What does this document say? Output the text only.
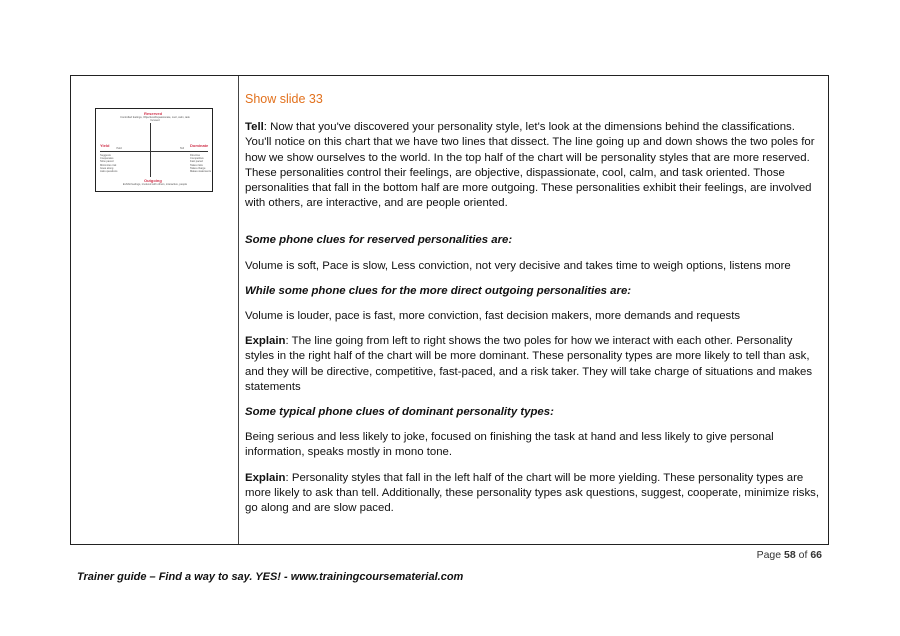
Reserved
Controlled feelings, Objective/dispassionate, cool, calm, task focused
Yield
Yield
Suggests
Cooperates
Slow paced
Minimizes risk
Goes along
Asks questions
Dominate
Tell
Directive
Competitive
Fast paced
Takes risks
Takes charge
Makes statements
Outgoing
Exhibit feelings, involved with others, interactive, people
Show slide 33

Tell: Now that you've discovered your personality style, let's look at the dimensions behind the classifications. You'll notice on this chart that we have two lines that dissect. The line going up and down shows the two poles for how we show ourselves to the world. In the top half of the chart will be personality styles that are more reserved. These personalities control their feelings, are objective, dispassionate, cool, calm, and task oriented. Those personalities that fall in the bottom half are more outgoing. These personalities exhibit their feelings, are involved with others, are interactive, and are people oriented.

Some phone clues for reserved personalities are:

Volume is soft, Pace is slow, Less conviction, not very decisive and takes time to weigh options, listens more

While some phone clues for the more direct outgoing personalities are:

Volume is louder, pace is fast, more conviction, fast decision makers, more demands and requests

Explain: The line going from left to right shows the two poles for how we interact with each other. Personality styles in the right half of the chart will be more dominant. These personality types are more likely to tell than ask, and they will be directive, competitive, fast-paced, and a risk taker. They will take charge of situations and makes statements

Some typical phone clues of dominant personality types:

Being serious and less likely to joke, focused on finishing the task at hand and less likely to give personal information, speaks mostly in mono tone.

Explain: Personality styles that fall in the left half of the chart will be more yielding. These personality types are more likely to ask than tell. Additionally, these personality types ask questions, suggest, cooperate, minimize risks, go along and are slow paced.

Page 58 of 66
Trainer guide – Find a way to say. YES! - www.trainingcoursematerial.com
